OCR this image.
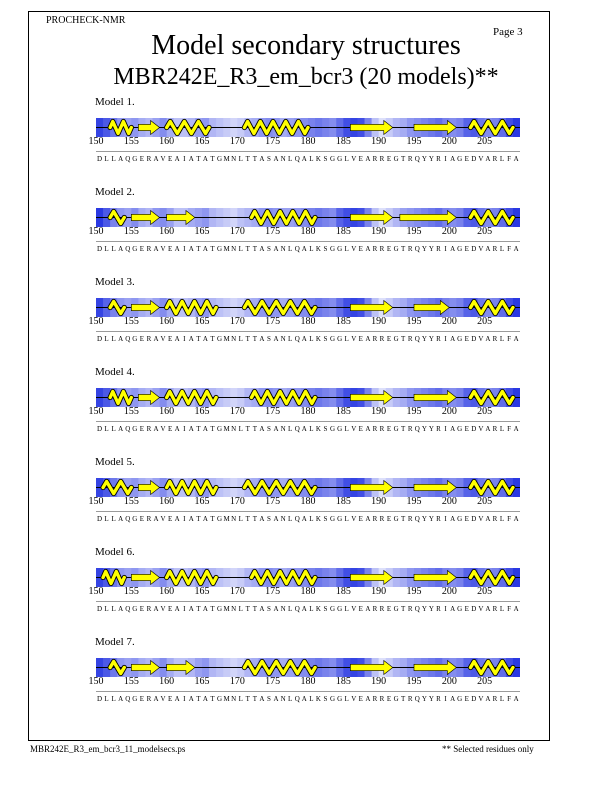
PROCHECK-NMR
Page 3
Model secondary structures
MBR242E_R3_em_bcr3 (20 models)**
Model 1.
150 155 160 165 170 175 180 185 190 195 200 205
D L L A Q G E R A V E A I A T A T G M N L T T A S A N L Q A L K S G G L V E A R R E G T R Q Y Y R I A G E D V A R L F A
Model 2.
150 155 160 165 170 175 180 185 190 195 200 205
D L L A Q G E R A V E A I A T A T G M N L T T A S A N L Q A L K S G G L V E A R R E G T R Q Y Y R I A G E D V A R L F A
Model 3.
150 155 160 165 170 175 180 185 190 195 200 205
D L L A Q G E R A V E A I A T A T G M N L T T A S A N L Q A L K S G G L V E A R R E G T R Q Y Y R I A G E D V A R L F A
Model 4.
150 155 160 165 170 175 180 185 190 195 200 205
D L L A Q G E R A V E A I A T A T G M N L T T A S A N L Q A L K S G G L V E A R R E G T R Q Y Y R I A G E D V A R L F A
Model 5.
150 155 160 165 170 175 180 185 190 195 200 205
D L L A Q G E R A V E A I A T A T G M N L T T A S A N L Q A L K S G G L V E A R R E G T R Q Y Y R I A G E D V A R L F A
Model 6.
150 155 160 165 170 175 180 185 190 195 200 205
D L L A Q G E R A V E A I A T A T G M N L T T A S A N L Q A L K S G G L V E A R R E G T R Q Y Y R I A G E D V A R L F A
Model 7.
150 155 160 165 170 175 180 185 190 195 200 205
D L L A Q G E R A V E A I A T A T G M N L T T A S A N L Q A L K S G G L V E A R R E G T R Q Y Y R I A G E D V A R L F A
MBR242E_R3_em_bcr3_11_modelsecs.ps	** Selected residues only
